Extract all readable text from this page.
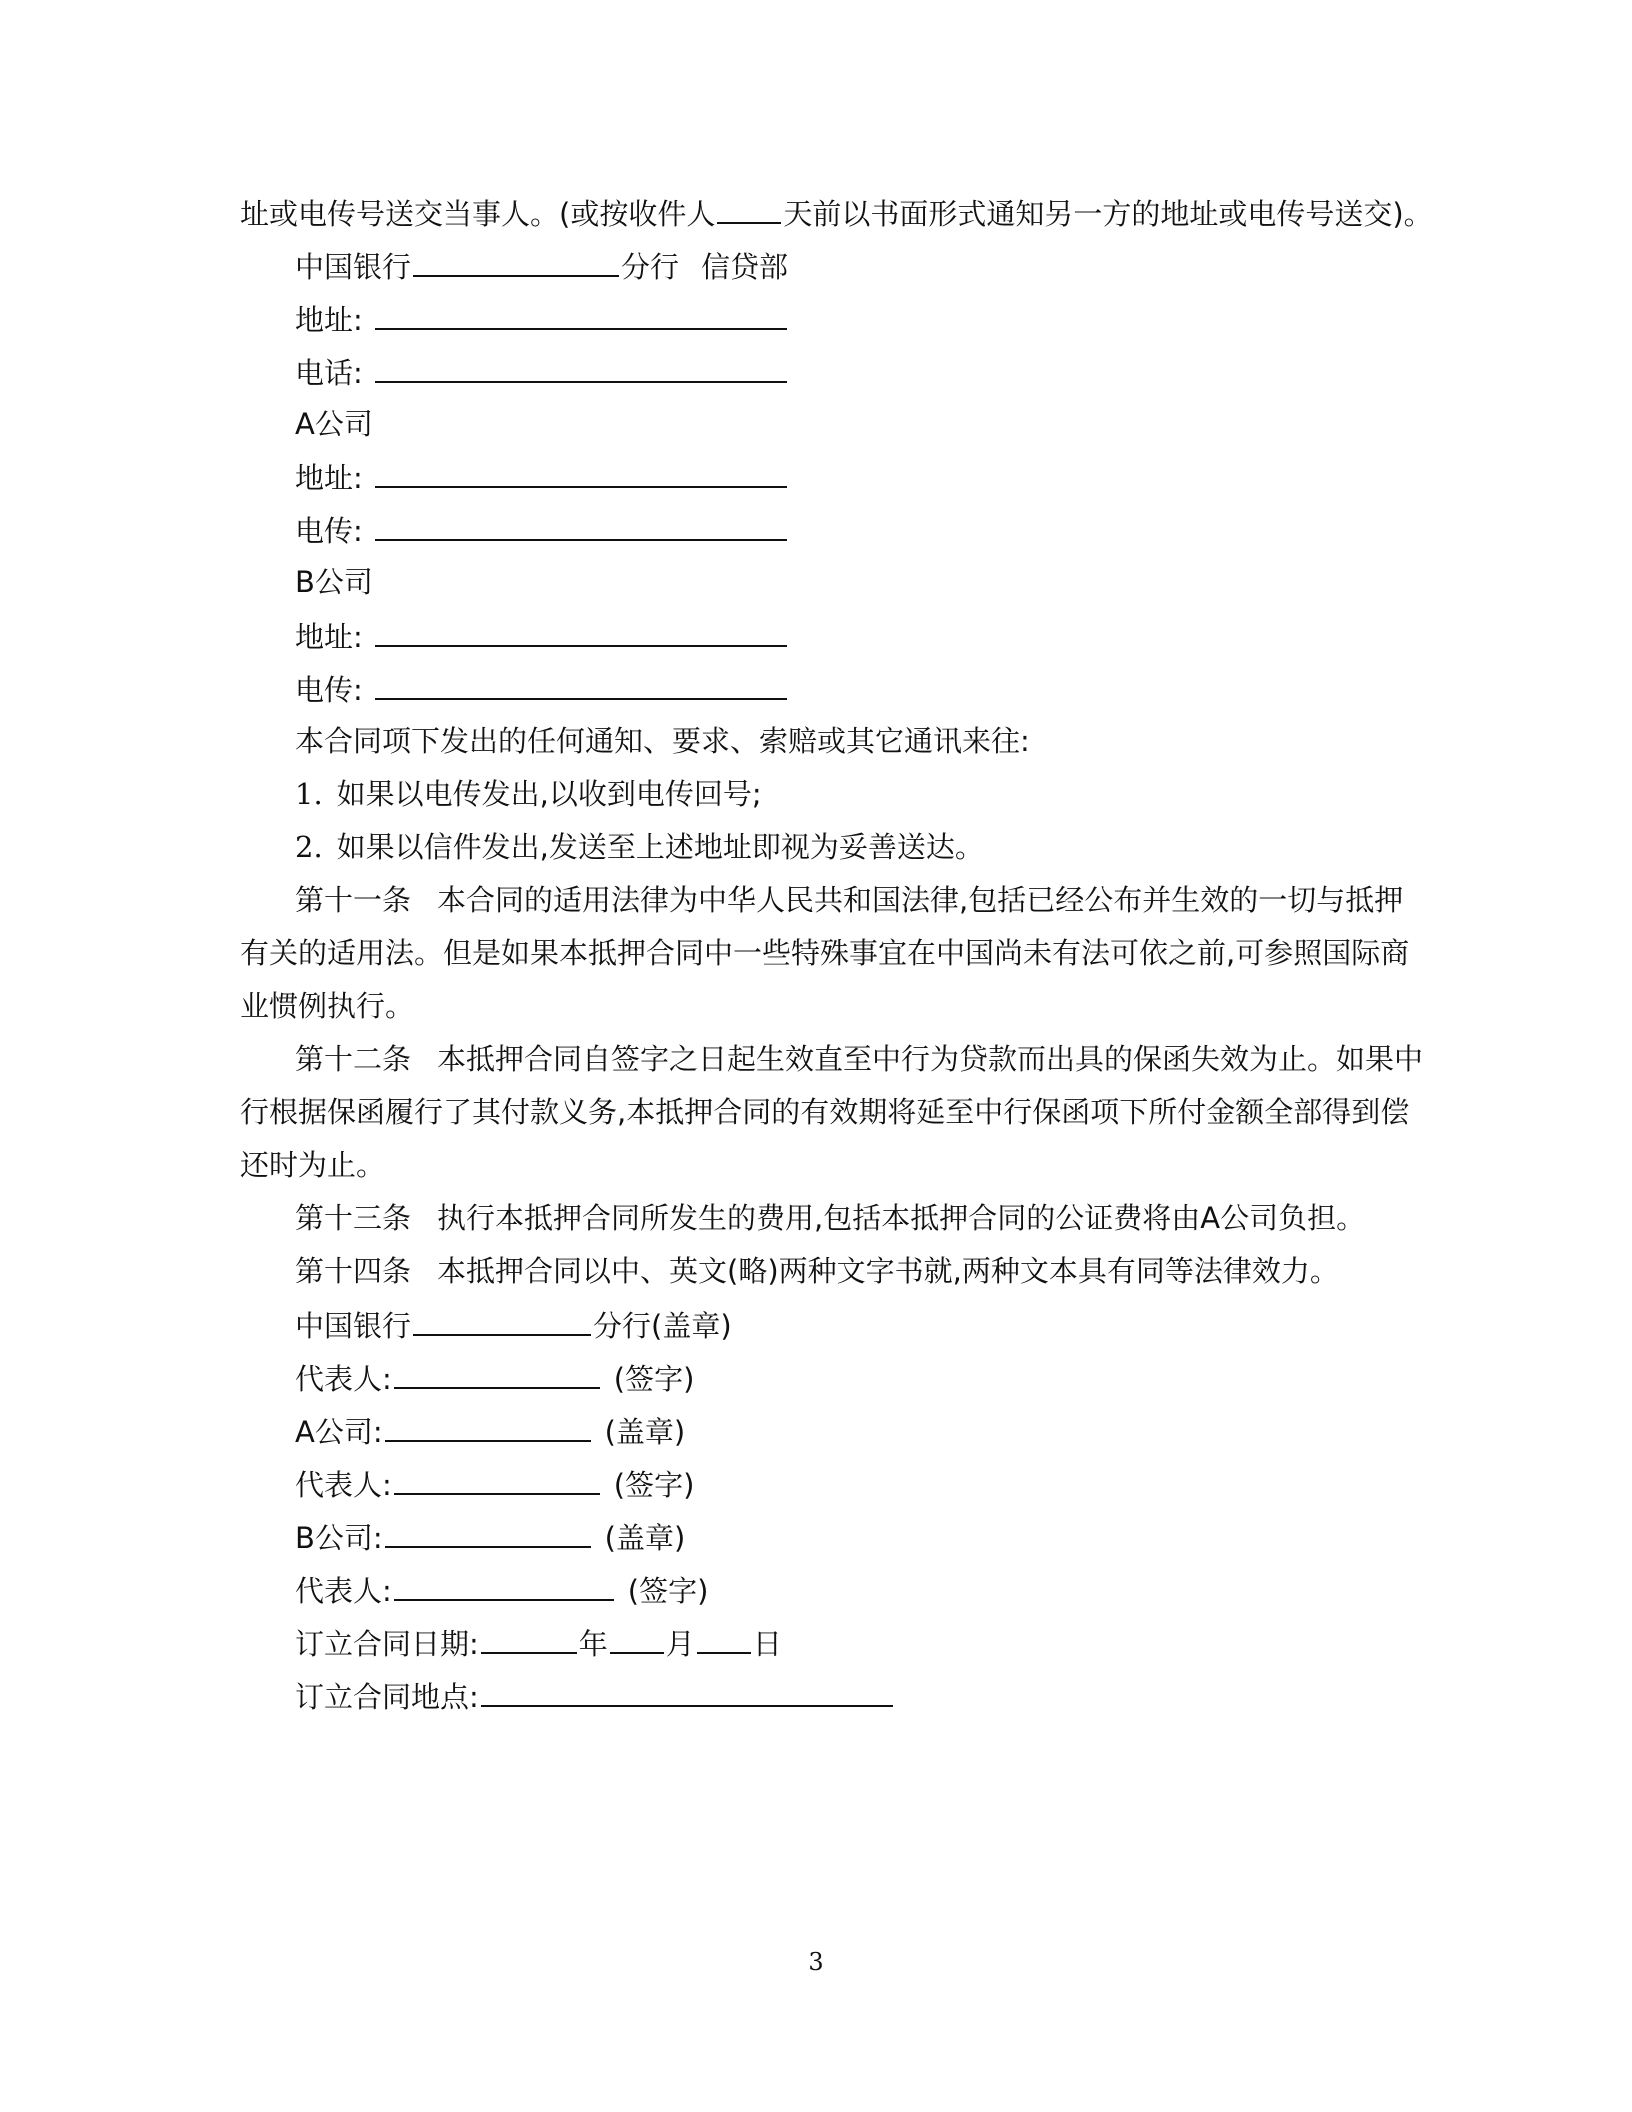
址或电传号送交当事人。(或按收件人 天前以书面形式通知另一方的地址或电传号送交)。
中国银行	分行 信贷部
地址:
电话:
A公司
地址:
电传:
B公司
地址:
电传:
本合同项下发出的任何通知、要求、索赔或其它通讯来往:
1. 如果以电传发出,以收到电传回号;
2. 如果以信件发出,发送至上述地址即视为妥善送达。
第十一条 本合同的适用法律为中华人民共和国法律,包括已经公布并生效的一切与抵押
有关的适用法。但是如果本抵押合同中一些特殊事宜在中国尚未有法可依之前,可参照国际商
业惯例执行。
第十二条 本抵押合同自签字之日起生效直至中行为贷款而出具的保函失效为止。如果中
行根据保函履行了其付款义务,本抵押合同的有效期将延至中行保函项下所付金额全部得到偿
还时为止。
第十三条 执行本抵押合同所发生的费用,包括本抵押合同的公证费将由A公司负担。
第十四条 本抵押合同以中、英文(略)两种文字书就,两种文本具有同等法律效力。
中国银行	分行(盖章)
代表人:	(签字)
A公司:	(盖章)
代表人:	(签字)
B公司:	(盖章)
代表人:	(签字)
订立合同日期:	年 月 日
订立合同地点:
3
